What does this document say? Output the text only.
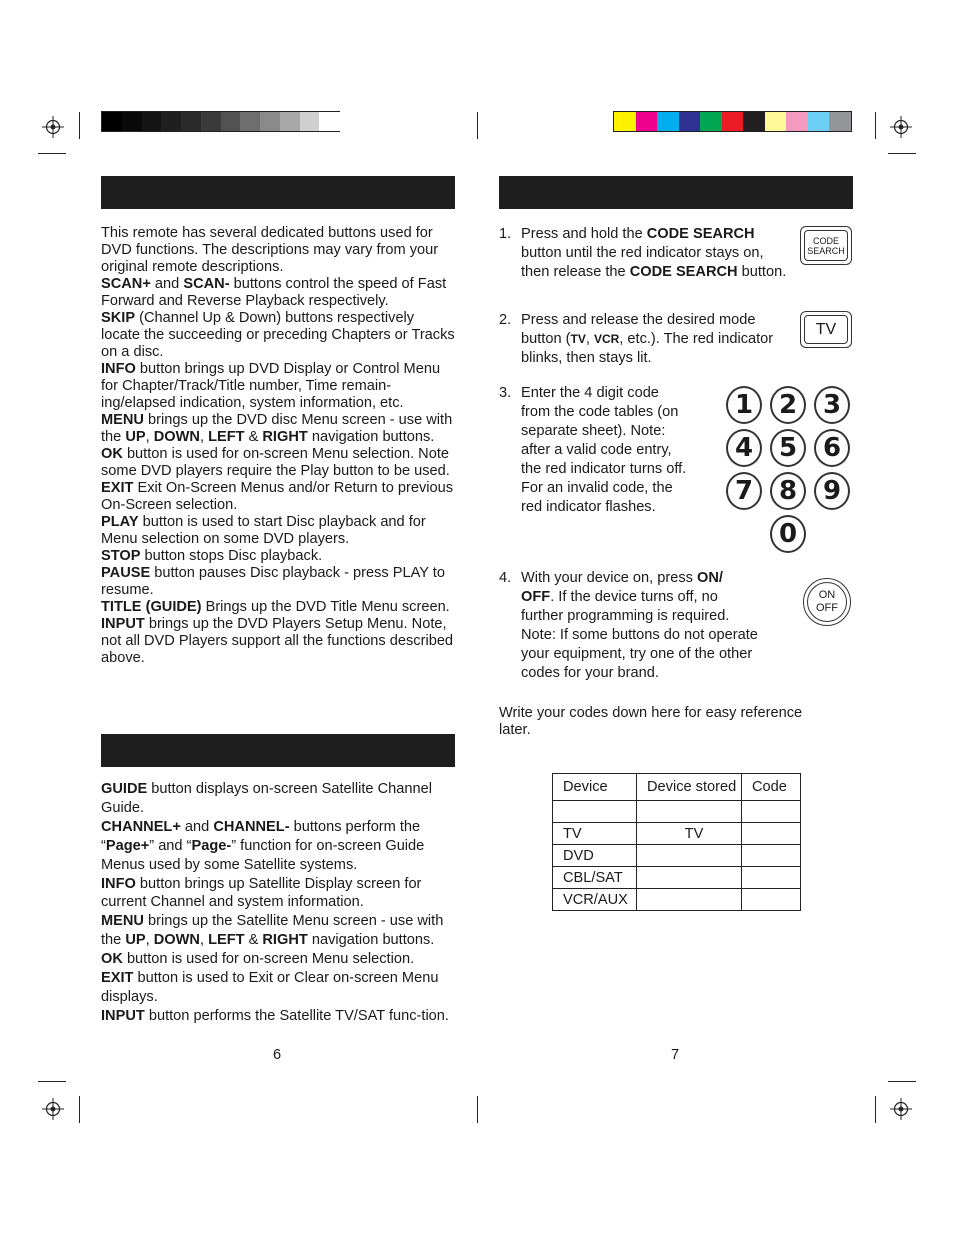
This remote has several dedicated buttons used for DVD functions. The descriptions may vary from your original remote descriptions.

SCAN+ and SCAN- buttons control the speed of Fast Forward and Reverse Playback respectively.

SKIP (Channel Up & Down) buttons respectively locate the succeeding or preceding Chapters or Tracks on a disc.

INFO button brings up DVD Display or Control Menu for Chapter/Track/Title number, Time remain-ing/elapsed indication, system information, etc.

MENU brings up the DVD disc Menu screen - use with the UP, DOWN, LEFT & RIGHT navigation buttons.

OK button is used for on-screen Menu selection. Note some DVD players require the Play button to be used.

EXIT Exit On-Screen Menus and/or Return to previous On-Screen selection.

PLAY button is used to start Disc playback and for Menu selection on some DVD players.

STOP button stops Disc playback.

PAUSE button pauses Disc playback - press PLAY to resume.

TITLE (GUIDE) Brings up the DVD Title Menu screen.

INPUT brings up the DVD Players Setup Menu. Note, not all DVD Players support all the functions described above.

GUIDE button displays on-screen Satellite Channel Guide.

CHANNEL+ and CHANNEL- buttons perform the “Page+” and “Page-” function for on-screen Guide Menus used by some Satellite systems.

INFO button brings up Satellite Display screen for current Channel and system information.

MENU brings up the Satellite Menu screen - use with the UP, DOWN, LEFT & RIGHT navigation buttons.

OK button is used for on-screen Menu selection.

EXIT button is used to Exit or Clear on-screen Menu displays.

INPUT button performs the Satellite TV/SAT func-tion.

6
1. Press and hold the CODE SEARCH button until the red indicator stays on, then release the CODE SEARCH button.
2. Press and release the desired mode button (TV, VCR, etc.). The red indicator blinks, then stays lit.
3. Enter the 4 digit code from the code tables (on separate sheet). Note: after a valid code entry, the red indicator turns off. For an invalid code, the red indicator flashes.
4. With your device on, press ON/ OFF. If the device turns off, no further programming is required. Note: If some buttons do not operate your equipment, try one of the other codes for your brand.
CODE
SEARCH
TV
ON
OFF
1 2 3
4 5 6
7 8 9
0
Write your codes down here for easy reference later.
Device	Device stored	Code

TV	TV	
DVD		
CBL/SAT		
VCR/AUX		
7
